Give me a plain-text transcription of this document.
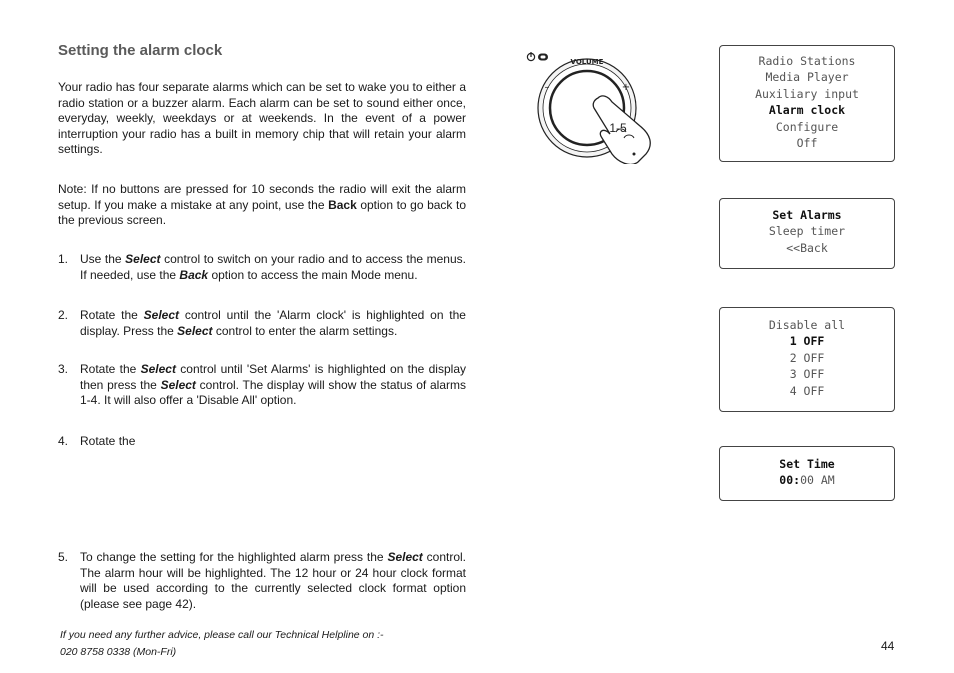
Setting the alarm clock
Your radio has four separate alarms which can be set to wake you to either a radio station or a buzzer alarm. Each alarm can be set to sound either once, everyday, weekly, weekdays or at weekends. In the event of a power interruption your radio has a built in memory chip that will retain your alarm settings.
Note: If no buttons are pressed for 10 seconds the radio will exit the alarm setup. If you make a mistake at any point, use the Back option to go back to the previous screen.
1. Use the Select control to switch on your radio and to access the menus. If needed, use the Back option to access the main Mode menu.
2. Rotate the Select control until the 'Alarm clock' is highlighted on the display. Press the Select control to enter the alarm settings.
3. Rotate the Select control until 'Set Alarms' is highlighted on the display then press the Select control. The display will show the status of alarms 1-4. It will also offer a 'Disable All' option.
4. Rotate the
5. To change the setting for the highlighted alarm press the Select control. The alarm hour will be highlighted. The 12 hour or 24 hour clock format will be used according to the currently selected clock format option (please see page 42).
VOLUME
–	+
1-5
Radio Stations
Media Player
Auxiliary input
Alarm clock
Configure
Off
Set Alarms
Sleep timer
<<Back
Disable all
1 OFF
2 OFF
3 OFF
4 OFF
Set Time
00:00 AM
If you need any further advice, please call our Technical Helpline on :-
020 8758 0338 (Mon-Fri)	44
